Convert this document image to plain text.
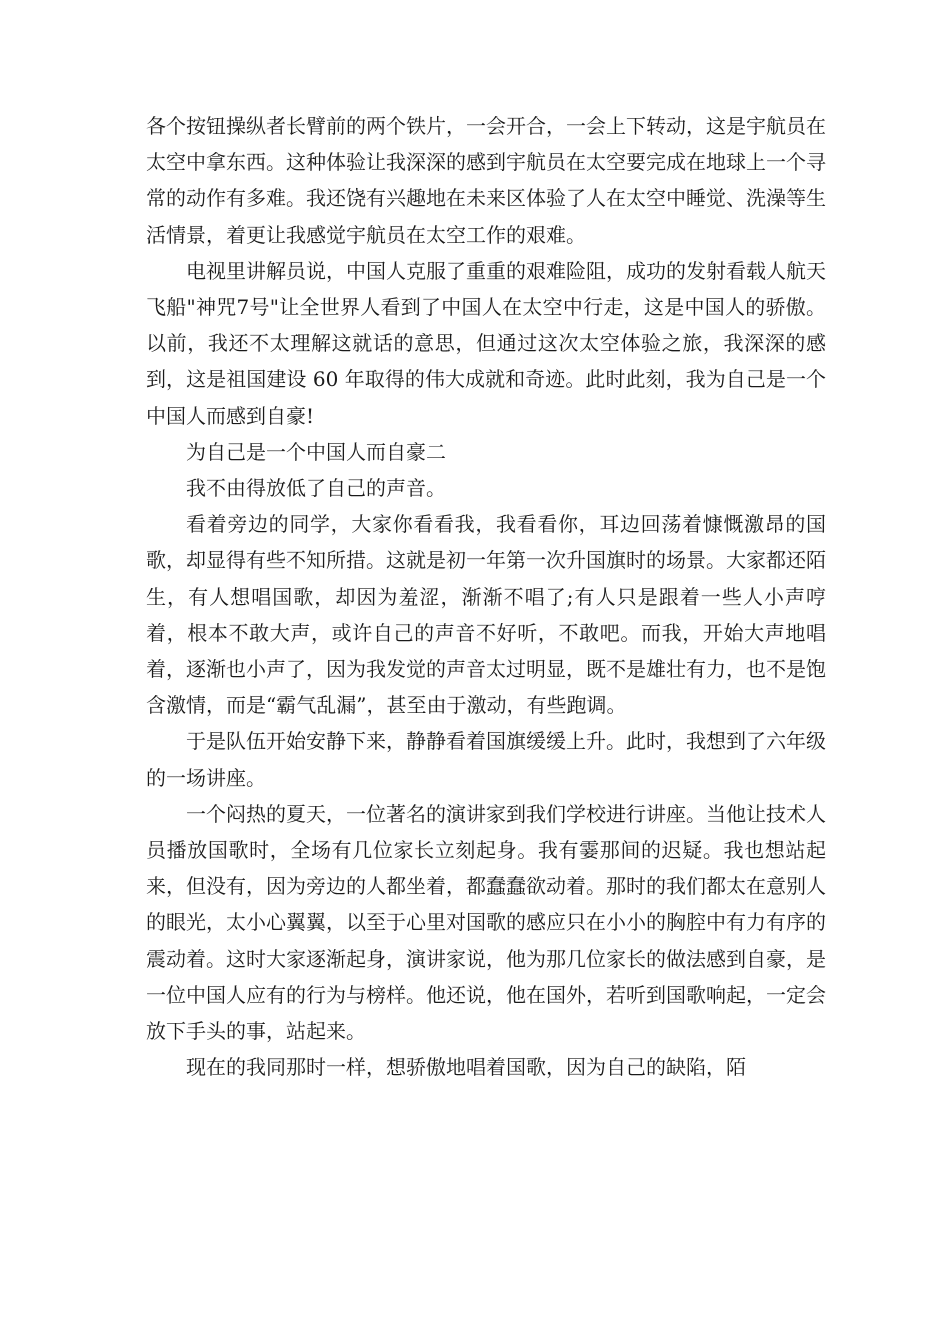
各个按钮操纵者长臂前的两个铁片，一会开合，一会上下转动，这是宇航员在太空中拿东西。这种体验让我深深的感到宇航员在太空要完成在地球上一个寻常的动作有多难。我还饶有兴趣地在未来区体验了人在太空中睡觉、洗澡等生活情景，着更让我感觉宇航员在太空工作的艰难。

电视里讲解员说，中国人克服了重重的艰难险阻，成功的发射看载人航天飞船"神咒7号"让全世界人看到了中国人在太空中行走，这是中国人的骄傲。以前，我还不太理解这就话的意思，但通过这次太空体验之旅，我深深的感到，这是祖国建设 60 年取得的伟大成就和奇迹。此时此刻，我为自己是一个中国人而感到自豪!

为自己是一个中国人而自豪二

我不由得放低了自己的声音。

看着旁边的同学，大家你看看我，我看看你，耳边回荡着慷慨激昂的国歌，却显得有些不知所措。这就是初一年第一次升国旗时的场景。大家都还陌生，有人想唱国歌，却因为羞涩，渐渐不唱了;有人只是跟着一些人小声哼着，根本不敢大声，或许自己的声音不好听，不敢吧。而我，开始大声地唱着，逐渐也小声了，因为我发觉的声音太过明显，既不是雄壮有力，也不是饱含激情，而是“霸气乱漏”，甚至由于激动，有些跑调。

于是队伍开始安静下来，静静看着国旗缓缓上升。此时，我想到了六年级的一场讲座。

一个闷热的夏天，一位著名的演讲家到我们学校进行讲座。当他让技术人员播放国歌时，全场有几位家长立刻起身。我有霎那间的迟疑。我也想站起来，但没有，因为旁边的人都坐着，都蠢蠢欲动着。那时的我们都太在意别人的眼光，太小心翼翼，以至于心里对国歌的感应只在小小的胸腔中有力有序的震动着。这时大家逐渐起身，演讲家说，他为那几位家长的做法感到自豪，是一位中国人应有的行为与榜样。他还说，他在国外，若听到国歌响起，一定会放下手头的事，站起来。

现在的我同那时一样，想骄傲地唱着国歌，因为自己的缺陷，陌
